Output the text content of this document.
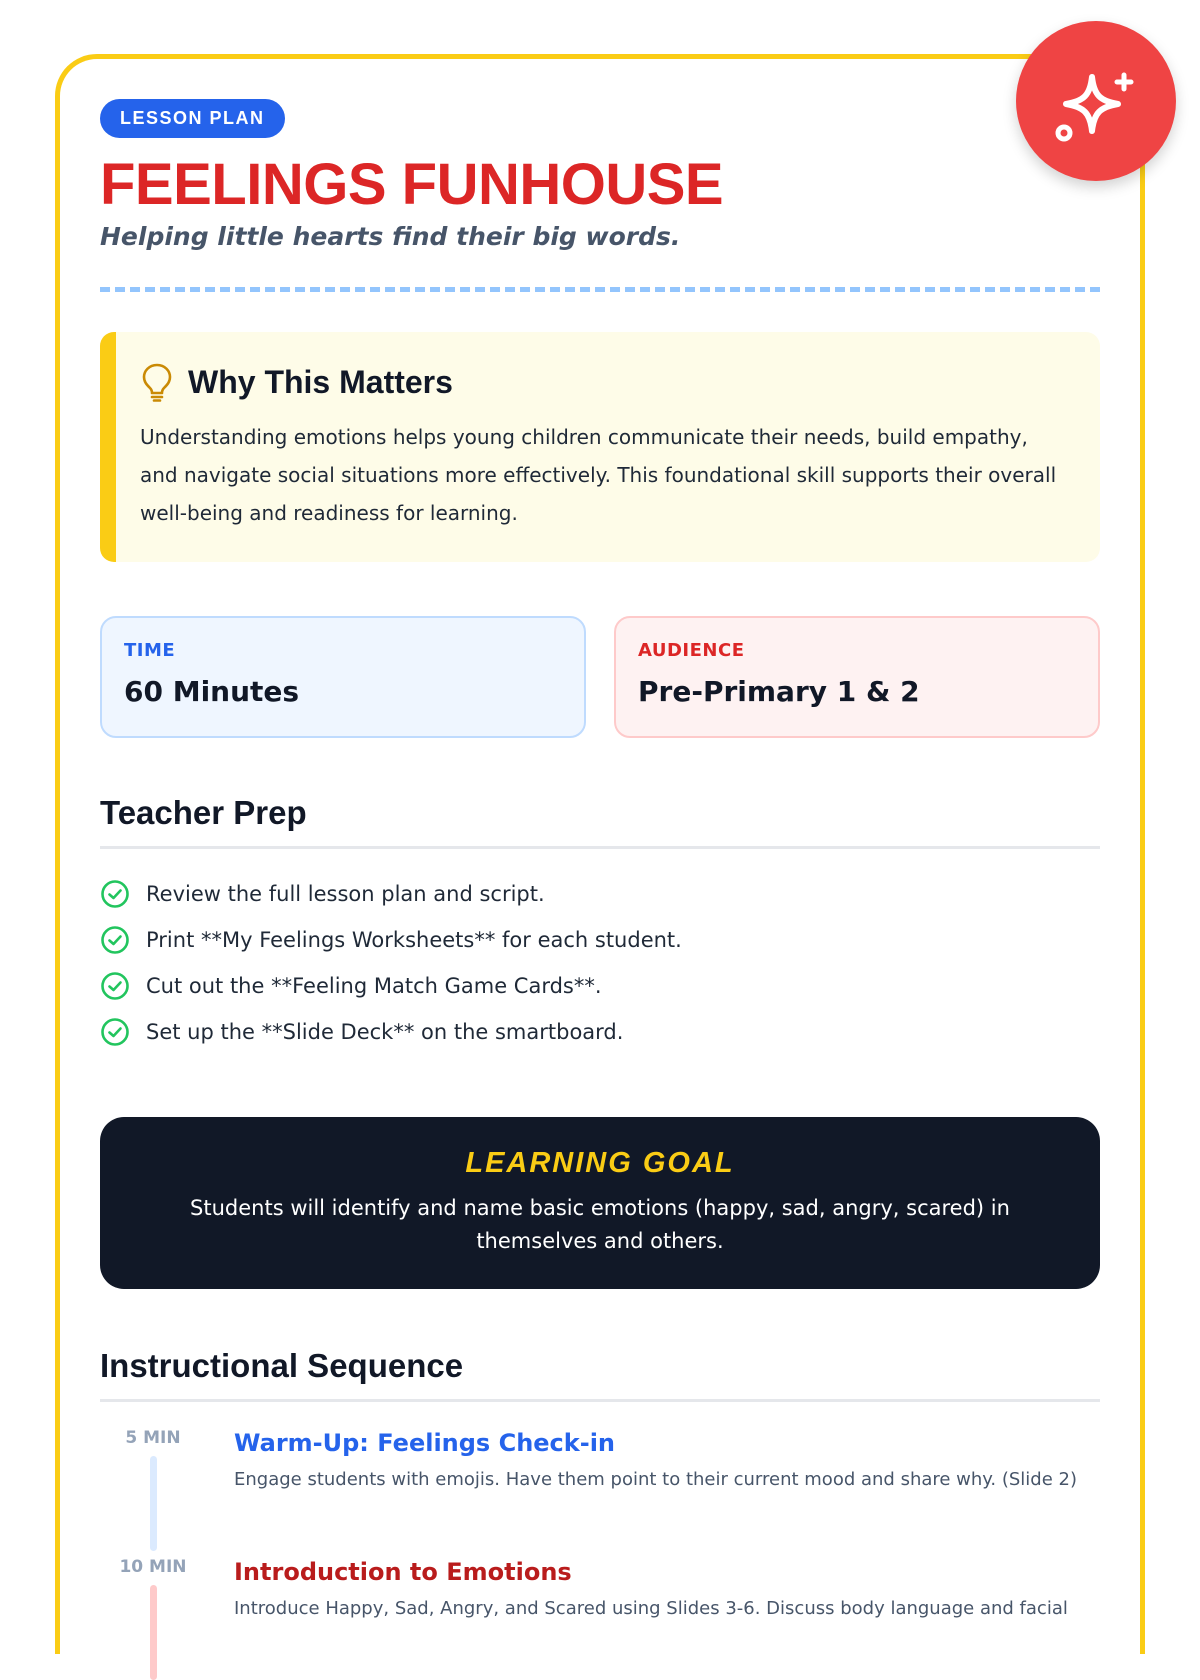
LESSON PLAN
FEELINGS FUNHOUSE
Helping little hearts find their big words.
Why This Matters
Understanding emotions helps young children communicate their needs, build empathy, and navigate social situations more effectively. This foundational skill supports their overall well-being and readiness for learning.
TIME
60 Minutes
AUDIENCE
Pre-Primary 1 & 2
Teacher Prep
Review the full lesson plan and script.
Print **My Feelings Worksheets** for each student.
Cut out the **Feeling Match Game Cards**.
Set up the **Slide Deck** on the smartboard.
LEARNING GOAL
Students will identify and name basic emotions (happy, sad, angry, scared) in themselves and others.
Instructional Sequence
5 MIN	Warm-Up: Feelings Check-in
Engage students with emojis. Have them point to their current mood and share why. (Slide 2)
10 MIN	Introduction to Emotions
Introduce Happy, Sad, Angry, and Scared using Slides 3-6. Discuss body language and facial
